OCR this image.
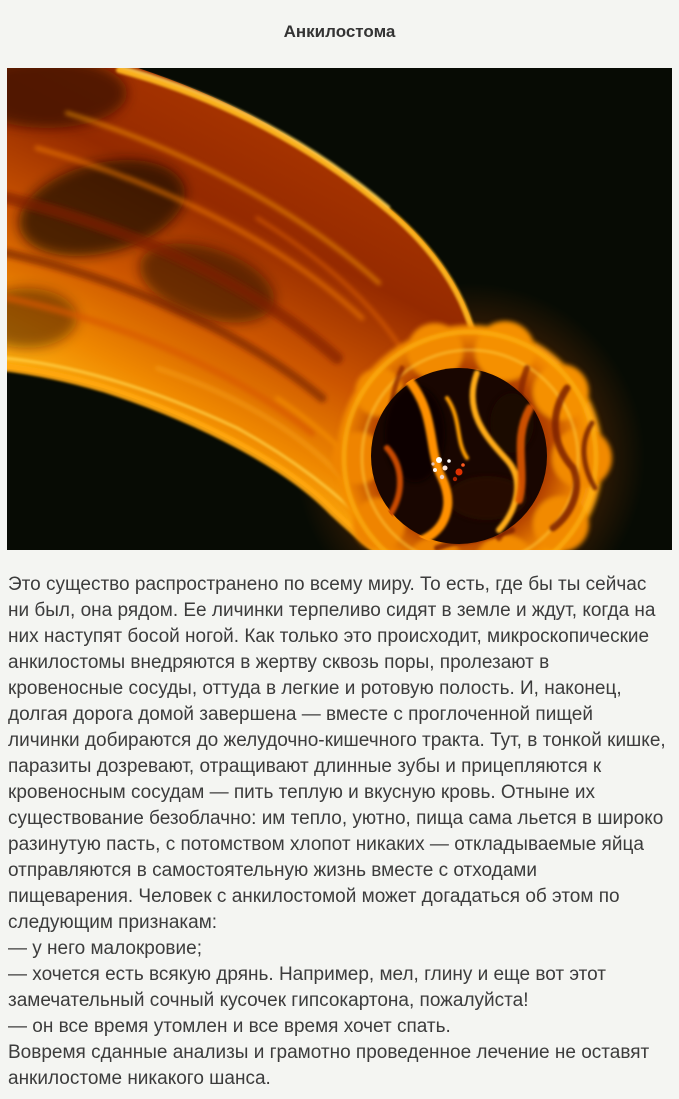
Анкилостома
Это существо распространено по всему миру. То есть, где бы ты сейчас ни был, она рядом. Ее личинки терпеливо сидят в земле и ждут, когда на них наступят босой ногой. Как только это происходит, микроскопические анкилостомы внедряются в жертву сквозь поры, пролезают в кровеносные сосуды, оттуда в легкие и ротовую полость. И, наконец, долгая дорога домой завершена — вместе с проглоченной пищей личинки добираются до желудочно-кишечного тракта. Тут, в тонкой кишке, паразиты дозревают, отращивают длинные зубы и прицепляются к кровеносным сосудам — пить теплую и вкусную кровь. Отныне их существование безоблачно: им тепло, уютно, пища сама льется в широко разинутую пасть, с потомством хлопот никаких — откладываемые яйца отправляются в самостоятельную жизнь вместе с отходами пищеварения. Человек с анкилостомой может догадаться об этом по следующим признакам:
— у него малокровие;
— хочется есть всякую дрянь. Например, мел, глину и еще вот этот замечательный сочный кусочек гипсокартона, пожалуйста!
— он все время утомлен и все время хочет спать.
Вовремя сданные анализы и грамотно проведенное лечение не оставят анкилостоме никакого шанса.
